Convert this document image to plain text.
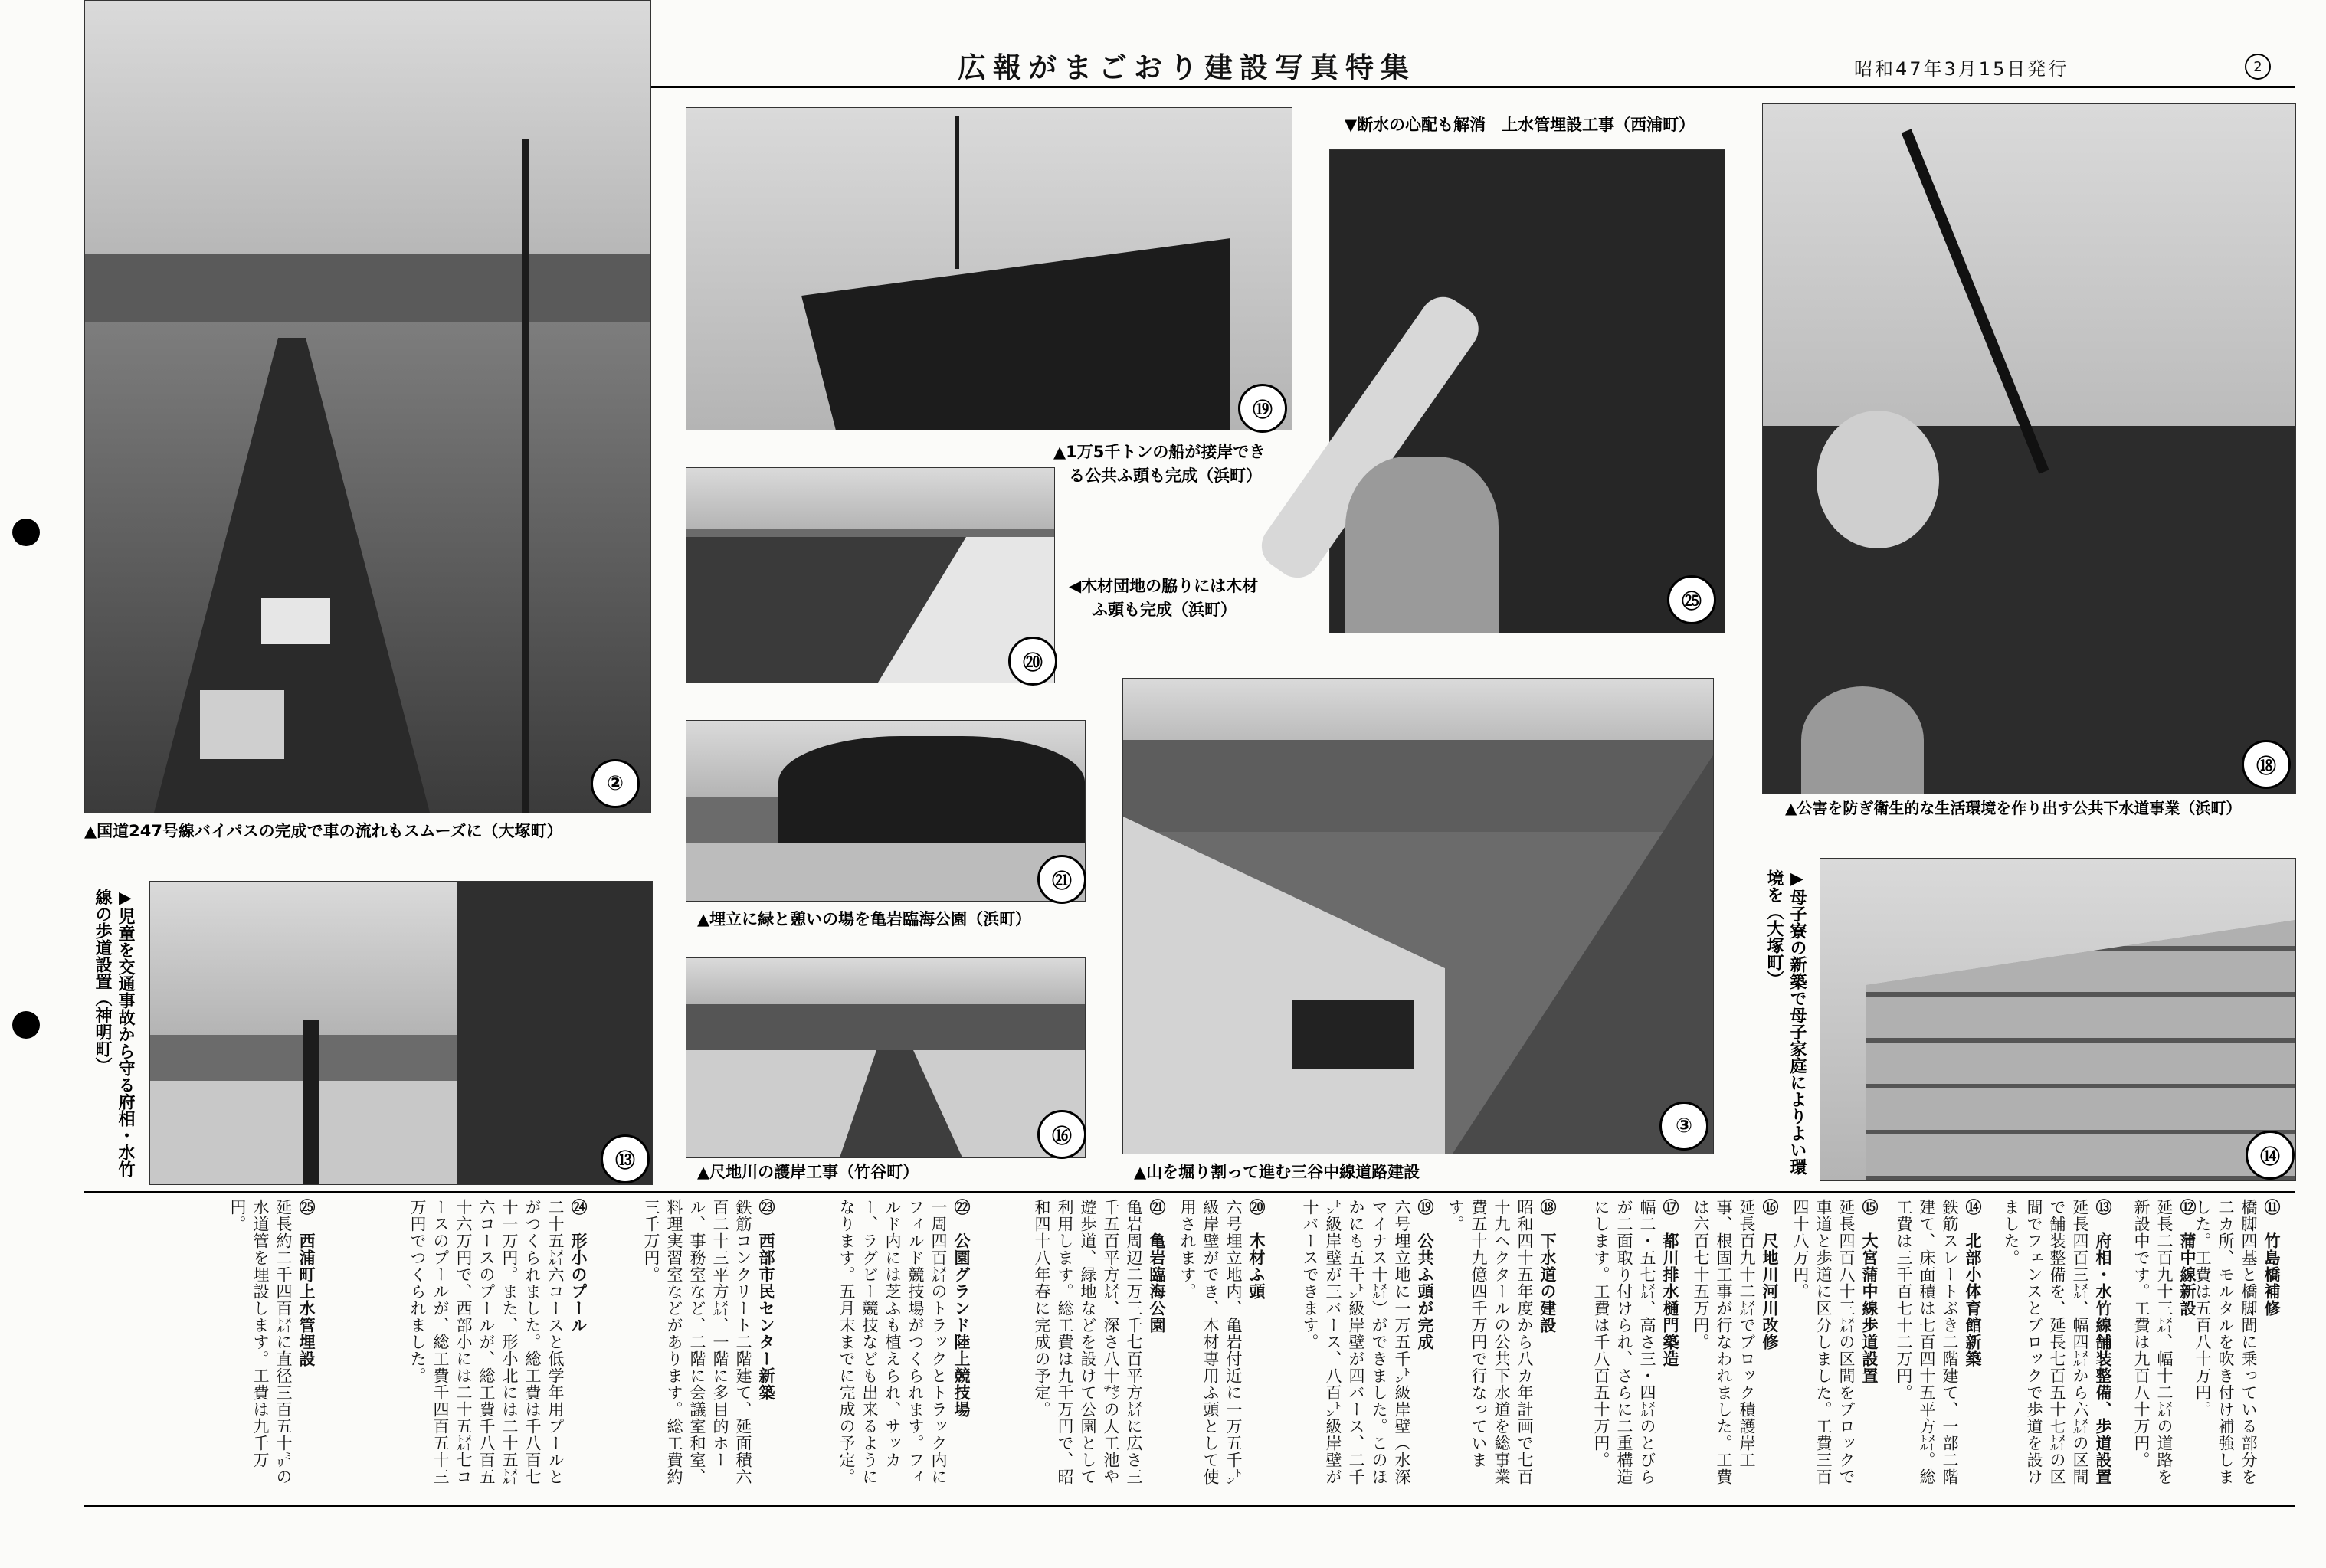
広報がまごおり建設写真特集	昭和47年3月15日発行	2
②
▲国道247号線バイパスの完成で車の流れもスムーズに（大塚町）
⑲
▲1万5千トンの船が接岸でき
る公共ふ頭も完成（浜町）
⑳
◀木材団地の脇りには木材
ふ頭も完成（浜町）
㉑
▲埋立に緑と憩いの場を亀岩臨海公園（浜町）
⑯
▲尺地川の護岸工事（竹谷町）
③
▲山を堀り割って進む三谷中線道路建設
▼断水の心配も解消　上水管埋設工事（西浦町）
㉕
⑱
▲公害を防ぎ衛生的な生活環境を作り出す公共下水道事業（浜町）
▶児童を交通事故から守る府相・水竹線の歩道設置（神明町）
⑬	▶母子寮の新築で母子家庭によりよい環境を（大塚町）
⑭
⑪　竹島橋補修
橋脚四基と橋脚間に乗っている部分を二カ所、モルタルを吹き付け補強しました。工費は五百八十万円。
⑫　蒲中線新設
延長二百九十三㍍、幅十二㍍の道路を新設中です。工費は九百八十万円。
⑬　府相・水竹線舗装整備、歩道設置
延長四百三㍍、幅四㍍から六㍍の区間で舗装整備を、延長七百五十七㍍の区間でフェンスとブロックで歩道を設けました。
⑭　北部小体育館新築
鉄筋スレートぶき二階建て、一部二階建て、床面積は七百四十五平方㍍。総工費は三千百七十二万円。
⑮　大宮蒲中線歩道設置
延長四百八十三㍍の区間をブロックで車道と歩道に区分しました。工費三百四十八万円。
⑯　尺地川河川改修
延長百九十二㍍でブロック積護岸工事、根固工事が行なわれました。工費は六百七十五万円。
⑰　都川排水樋門築造
幅二・五七㍍、高さ三・四㍍のとびらが二面取り付けられ、さらに二重構造にします。工費は千八百五十万円。
⑱　下水道の建設
昭和四十五年度から八カ年計画で七百十九ヘクタールの公共下水道を総事業費五十九億四千万円で行なっています。
⑲　公共ふ頭が完成
六号埋立地に一万五千㌧級岸壁（水深マイナス十㍍）ができました。このほかにも五千㌧級岸壁が四バース、二千㌧級岸壁が三バース、八百㌧級岸壁が十バースできます。
⑳　木材ふ頭
六号埋立地内、亀岩付近に一万五千㌧級岸壁ができ、木材専用ふ頭として使用されます。
㉑　亀岩臨海公園
亀岩周辺二万三千七百平方㍍に広さ三千五百平方㍍、深さ八十㌢の人工池や遊歩道、緑地などを設けて公園として利用します。総工費は九千万円で、昭和四十八年春に完成の予定。
㉒　公園グランド陸上競技場
一周四百㍍のトラックとトラック内にフィルド競技場がつくられます。フィルド内には芝ふも植えられ、サッカー、ラグビー競技なども出来るようになります。五月末までに完成の予定。
㉓　西部市民センター新築
鉄筋コンクリート二階建て、延面積六百二十三平方㍍、一階に多目的ホール、事務室など、二階に会議室和室、料理実習室などがあります。総工費約三千万円。
㉔　形小のプール
二十五㍍六コースと低学年用プールとがつくられました。総工費は千八百七十一万円。また、形小北には二十五㍍六コースのプールが、総工費千八百五十六万円で、西部小には二十五㍍七コースのプールが、総工費千四百五十三万円でつくられました。
㉕　西浦町上水管埋設
延長約二千四百㍍に直径三百五十㍉の水道管を埋設します。工費は九千万円。
